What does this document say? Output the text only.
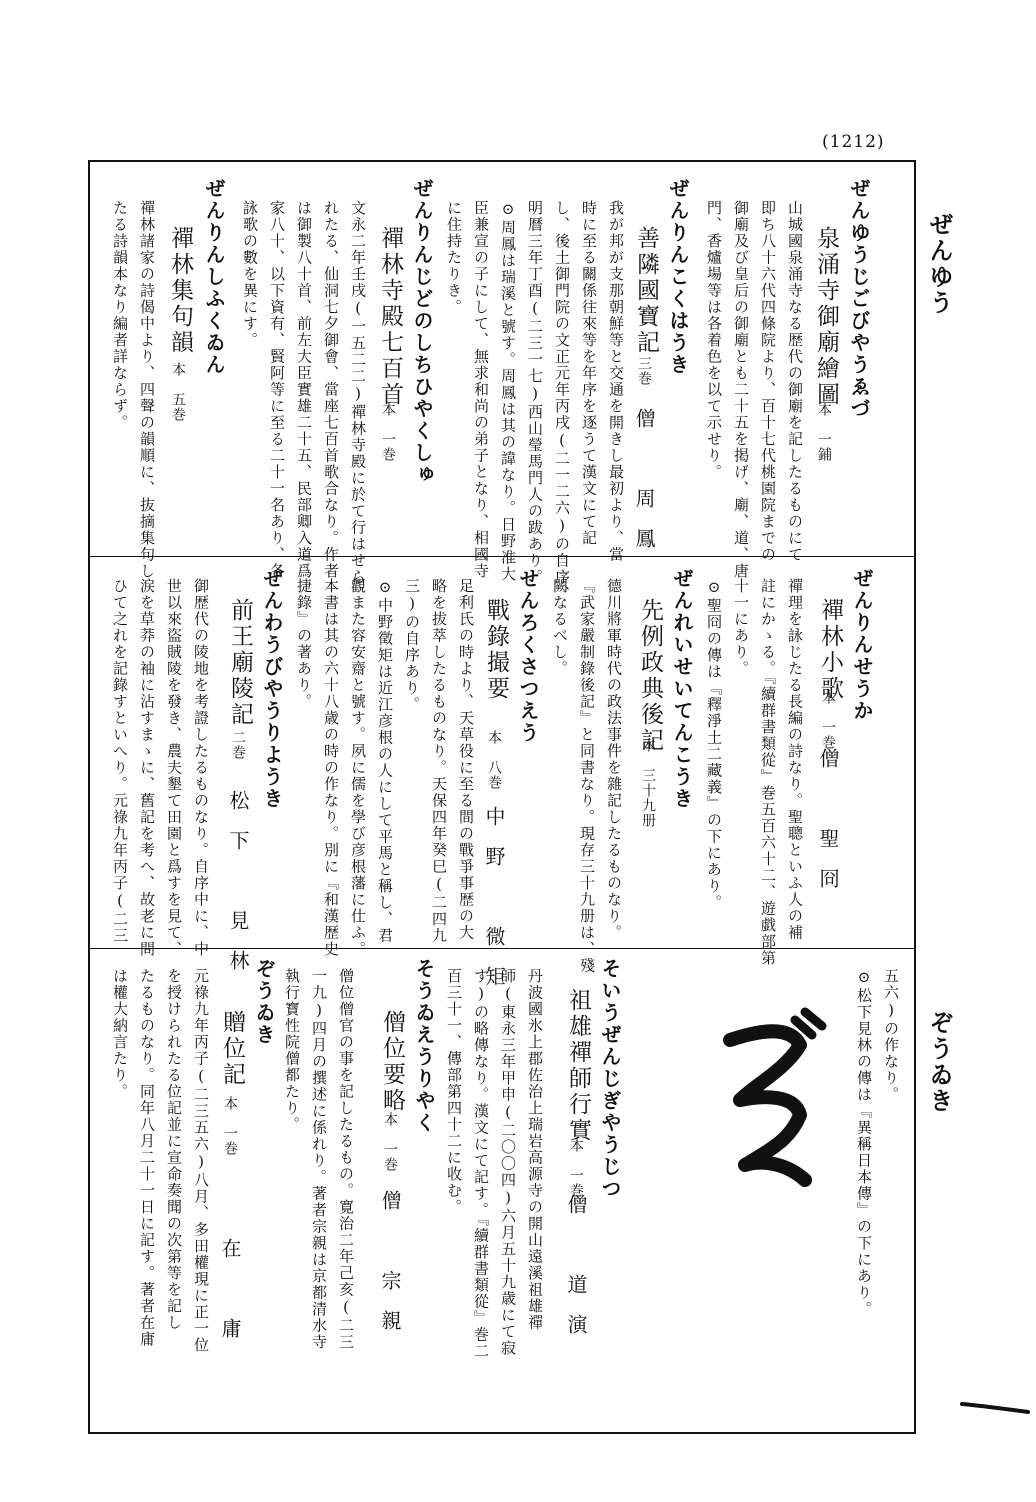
(1212)
ぜんゆう
ぞうゐき
ぜんゆうじごびやうゑづ
泉涌寺御廟繪圖
本　一鋪
山城國泉涌寺なる歴代の御廟を記したるものにて
即ち八十六代四條院より、百十七代桃園院までの
御廟及び皇后の御廟とも二十五を掲げ、廟、道、唐
門、香爐場等は各着色を以て示せり。
ぜんりんこくはうき
善隣國寶記
三巻
僧　周鳳
我が邦が支那朝鮮等と交通を開きし最初より、當
時に至る關係往來等を年序を逐うて漢文にて記
し、後土御門院の文正元年丙戌(二一二六)の自序、
明暦三年丁酉(二三一七)西山瑩馬門人の跋あり。
⊙周鳳は瑞溪と號す。周鳳は其の諱なり。日野准大
臣兼宣の子にして、無求和尚の弟子となり、相國寺
に住持たりき。
ぜんりんじどのしちひやくしゅ
禪林寺殿七百首
本　一巻
文永二年壬戌(一五二二)禪林寺殿に於て行はせら
れたる、仙洞七夕御會、當座七百首歌合なり。作者
は御製八十首、前左大臣實雄二十五、民部卿入道爲
家八十、以下資有、賢阿等に至る二十一名あり、各
詠歌の數を異にす。
ぜんりんしふくゐん
禪林集句韻
本　五巻
禪林諸家の詩偈中より、四聲の韻順に、抜摘集句し
たる詩韻本なり編者詳ならず。
ぜんりんせうか
禪林小歌
本　一巻
僧　聖冏
禪理を詠じたる長編の詩なり。聖聰といふ人の補
註にかゝる。『續群書類從』巻五百六十二、遊戯部第
十一にあり。
⊙聖冏の傳は『釋淨土二藏義』の下にあり。
ぜんれいせいてんこうき
先例政典後記
本　三十九册
德川將軍時代の政法事件を雜記したるものなり。
『武家嚴制錄後記』と同書なり。現存三十九册は、殘
闕なるべし。
せんろくさつえう
戰錄撮要
本　八巻
中野　微矩
足利氏の時より、天草役に至る間の戰爭事歴の大
略を拔萃したるものなり。天保四年癸巳(二四九
三)の自序あり。
⊙中野徵矩は近江彦根の人にして平馬と稱し、君
觀また容安齋と號す。夙に儒を學び彦根藩に仕ふ。
本書は其の六十八歳の時の作なり。別に『和漢歴史
捷錄』の著あり。
ぜんわうびやうりようき
前王廟陵記
二巻
松下　見林
御歴代の陵地を考證したるものなり。自序中に、中
世以來盜賊陵を發き、農夫墾て田園と爲すを見て、
涙を草莽の袖に沾すまゝに、舊記を考へ、故老に問
ひて之れを記錄すといへり。元祿九年丙子(二三
五六)の作なり。
⊙松下見林の傳は『異稱日本傳』の下にあり。
そいうぜんじぎやうじつ
祖雄禪師行實
本　一巻
僧　道演
丹波國氷上郡佐治上瑞岩高源寺の開山遠溪祖雄禪
師(東永三年甲申(二〇〇四)六月五十九歳にて寂
す)の略傳なり。漢文にて記す。『續群書類從』巻二
百三十一、傳部第四十二に收む。
そうゐえうりやく
僧位要略
本　一巻
僧　宗親
僧位僧官の事を記したるもの。寛治二年己亥(二三
一九)四月の撰述に係れり。著者宗親は京都清水寺
執行寳性院僧都たり。
ぞうゐき
贈位記
本　一巻
在　庸
元祿九年丙子(二三五六)八月、多田權現に正一位
を授けられたる位記並に宣命奏聞の次第等を記し
たるものなり。同年八月二十一日に記す。著者在庸
は權大納言たり。
